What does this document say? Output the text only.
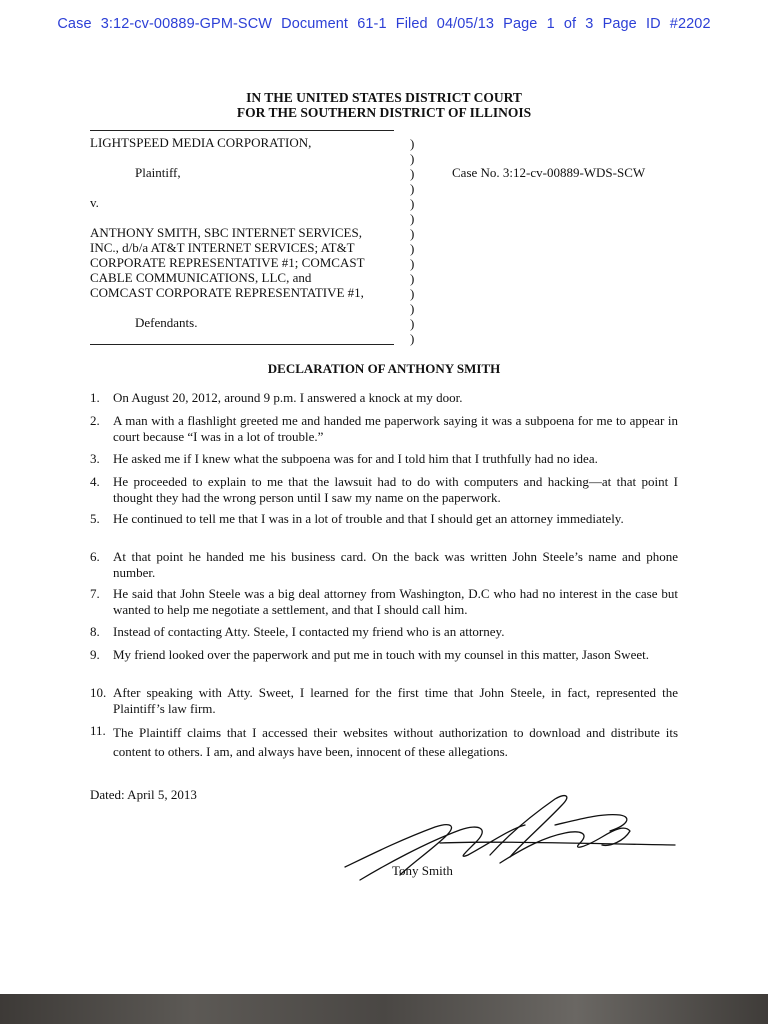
Case 3:12-cv-00889-GPM-SCW Document 61-1 Filed 04/05/13 Page 1 of 3 Page ID #2202
IN THE UNITED STATES DISTRICT COURT
FOR THE SOUTHERN DISTRICT OF ILLINOIS
LIGHTSPEED MEDIA CORPORATION,
Plaintiff,
v.
ANTHONY SMITH, SBC INTERNET SERVICES,
INC., d/b/a AT&T INTERNET SERVICES; AT&T
CORPORATE REPRESENTATIVE #1; COMCAST
CABLE COMMUNICATIONS, LLC, and
COMCAST CORPORATE REPRESENTATIVE #1,
Defendants.
)
)
)
)
)
)
)
)
)
)
)
)
)
)
Case No. 3:12-cv-00889-WDS-SCW
DECLARATION OF ANTHONY SMITH
1. On August 20, 2012, around 9 p.m. I answered a knock at my door.
2. A man with a flashlight greeted me and handed me paperwork saying it was a subpoena for me to appear in court because “I was in a lot of trouble.”
3. He asked me if I knew what the subpoena was for and I told him that I truthfully had no idea.
4. He proceeded to explain to me that the lawsuit had to do with computers and hacking—at that point I thought they had the wrong person until I saw my name on the paperwork.
5. He continued to tell me that I was in a lot of trouble and that I should get an attorney immediately.
6. At that point he handed me his business card. On the back was written John Steele’s name and phone number.
7. He said that John Steele was a big deal attorney from Washington, D.C who had no interest in the case but wanted to help me negotiate a settlement, and that I should call him.
8. Instead of contacting Atty. Steele, I contacted my friend who is an attorney.
9. My friend looked over the paperwork and put me in touch with my counsel in this matter, Jason Sweet.
10. After speaking with Atty. Sweet, I learned for the first time that John Steele, in fact, represented the Plaintiff’s law firm.
11. The Plaintiff claims that I accessed their websites without authorization to download and distribute its content to others. I am, and always have been, innocent of these allegations.
Dated: April 5, 2013
Tony Smith
